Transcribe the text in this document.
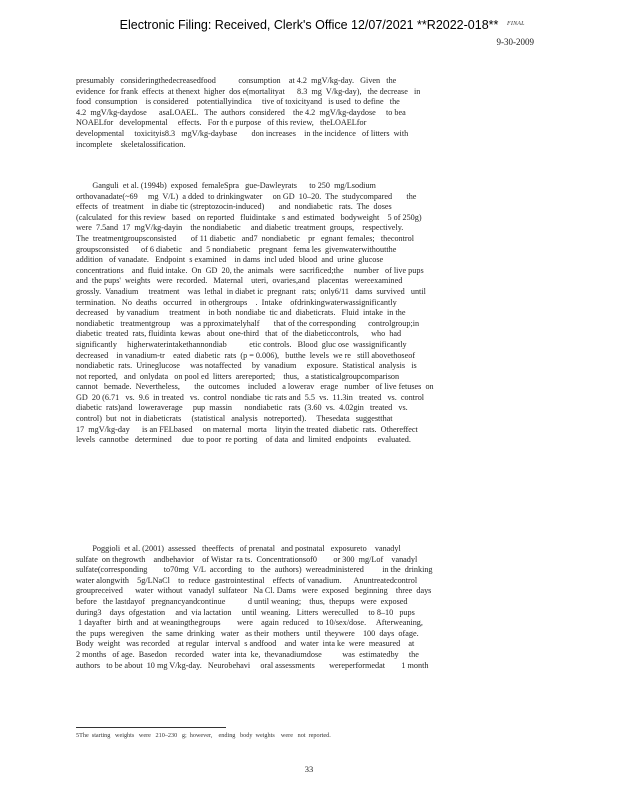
Electronic Filing: Received, Clerk's Office 12/07/2021 **R2022-018**	FINAL
9-30-2009
presumably   consideringthedecreasedfood           consumption    at 4.2  mgV/kg-day.   Given   the
evidence  for frank  effects  at thenext  higher  dos e(mortalityat      8.3  mg  V/kg-day),   the decrease   in
food  consumption    is considered    potentiallyindica     tive of toxicityand   is used  to define   the
4.2  mgV/kg-daydose      asaLOAEL.   The  authors  considered    the 4.2  mgV/kg-daydose     to bea
NOAELfor   developmental     effects.   For th e purpose   of this review,   theLOAELfor
developmental     toxicityis8.3   mgV/kg-daybase       don increases    in the incidence   of litters  with
incomplete    skeletalossification.
Ganguli  et al. (1994b)  exposed  femaleSpra   gue-Dawleyrats      to 250  mg/Lsodium
orthovanadate(~69     mg  V/L)  a dded  to drinkingwater     on GD  10–20.  The  studycompared       the
effects  of  treatment    in diabe tic (streptozocin-induced)       and  nondiabetic   rats.  The  doses
(calculated   for this review   based   on reported   fluidintake   s and  estimated   bodyweight    5 of 250g)
were  7.5and  17  mgV/kg-dayin    the nondiabetic     and diabetic  treatment  groups,    respectively.
The  treatmentgroupsconsisted       of 11 diabetic   and7  nondiabetic    pr   egnant  females;   thecontrol
groupsconsisted      of 6 diabetic    and  5 nondiabetic    pregnant   fema les  givenwaterwithoutthe
addition   of vanadate.   Endpoint  s examined    in dams  incl uded  blood  and  urine  glucose
concentrations    and  fluid intake.  On  GD  20, the  animals   were  sacrificed;the     number   of live pups
and  the pups'  weights   were  recorded.   Maternal    uteri,  ovaries,and    placentas   wereexamined
grossly.  Vanadium     treatment    was  lethal  in diabet ic  pregnant   rats;  only6/11   dams  survived   until
termination.   No  deaths   occurred    in othergroups    .  Intake    ofdrinkingwaterwassignificantly
decreased    by vanadium     treatment    in both  nondiabe  tic and  diabeticrats.   Fluid  intake  in the
nondiabetic   treatmentgroup     was  a pproximatelyhalf       that of the corresponding      controlgroup;in
diabetic  treated  rats, fluidinta  kewas   about  one-third   that  of  the diabeticcontrols,      who  had
significantly     higherwaterintakethannondiab           etic controls.   Blood  gluc ose  wassignificantly
decreased    in vanadium-tr    eated  diabetic  rats  (p = 0.006),   butthe  levels  we re   still abovethoseof
nondiabetic  rats.  Urineglucose     was notaffected     by  vanadium     exposure.  Statistical  analysis   is
not reported,   and  onlydata   on pool ed  litters  arereported;    thus,   a statisticalgroupcomparison
cannot   bemade.  Nevertheless,       the  outcomes    included   a lowerav   erage   number   of live fetuses  on
GD  20 (6.71   vs.  9.6  in treated   vs.  control  nondiabe  tic rats and  5.5  vs.  11.3in   treated   vs.  control
diabetic  rats)and   loweraverage     pup  massin      nondiabetic   rats  (3.60  vs.  4.02gin   treated   vs.
control)  but  not  in diabeticrats     (statistical   analysis   notreported).     Thesedata   suggestthat
17  mgV/kg-day      is an FELbased     on maternal   morta    lityin the treated  diabetic  rats.  Othereffect
levels  cannotbe   determined     due  to poor  re porting    of data  and  limited  endpoints     evaluated.
Poggioli  et al. (2001)  assessed   theeffects   of prenatal   and postnatal   exposureto    vanadyl
sulfate  on thegrowth    andbehavior    of Wistar  ra ts.  Concentrationsof0        or 300  mg/Lof    vanadyl
sulfate(corresponding        to70mg  V/L  according   to   the  authors)  wereadministered         in the  drinking
water alongwith    5g/LNaCl    to  reduce  gastrointestinal    effects  of vanadium.      Anuntreatedcontrol
groupreceived      water  without   vanadyl  sulfateor   Na Cl. Dams   were  exposed   beginning    three  days
before   the lastdayof   pregnancyandcontinue           d until weaning;    thus,  thepups   were  exposed
during3    days  ofgestation     and  via lactation     until  weaning.   Litters  wereculled     to 8–10   pups
1 dayafter   birth  and  at weaningthegroups        were    again  reduced    to 10/sex/dose.     Afterweaning,
the  pups  weregiven    the  same  drinking   water   as their  mothers   until  theywere    100  days  ofage.
Body  weight   was recorded    at regular   interval  s andfood    and  water  inta ke  were  measured    at
2 months   of age.  Basedon    recorded    water  inta  ke,  thevanadiumdose          was  estimatedby     the
authors   to be about  10 mg V/kg-day.   Neurobehavi     oral assessments       wereperformedat        1 month
5The  starting   weights   were   210–230   g;  however,    ending   body  weights    were   not  reported.
33
